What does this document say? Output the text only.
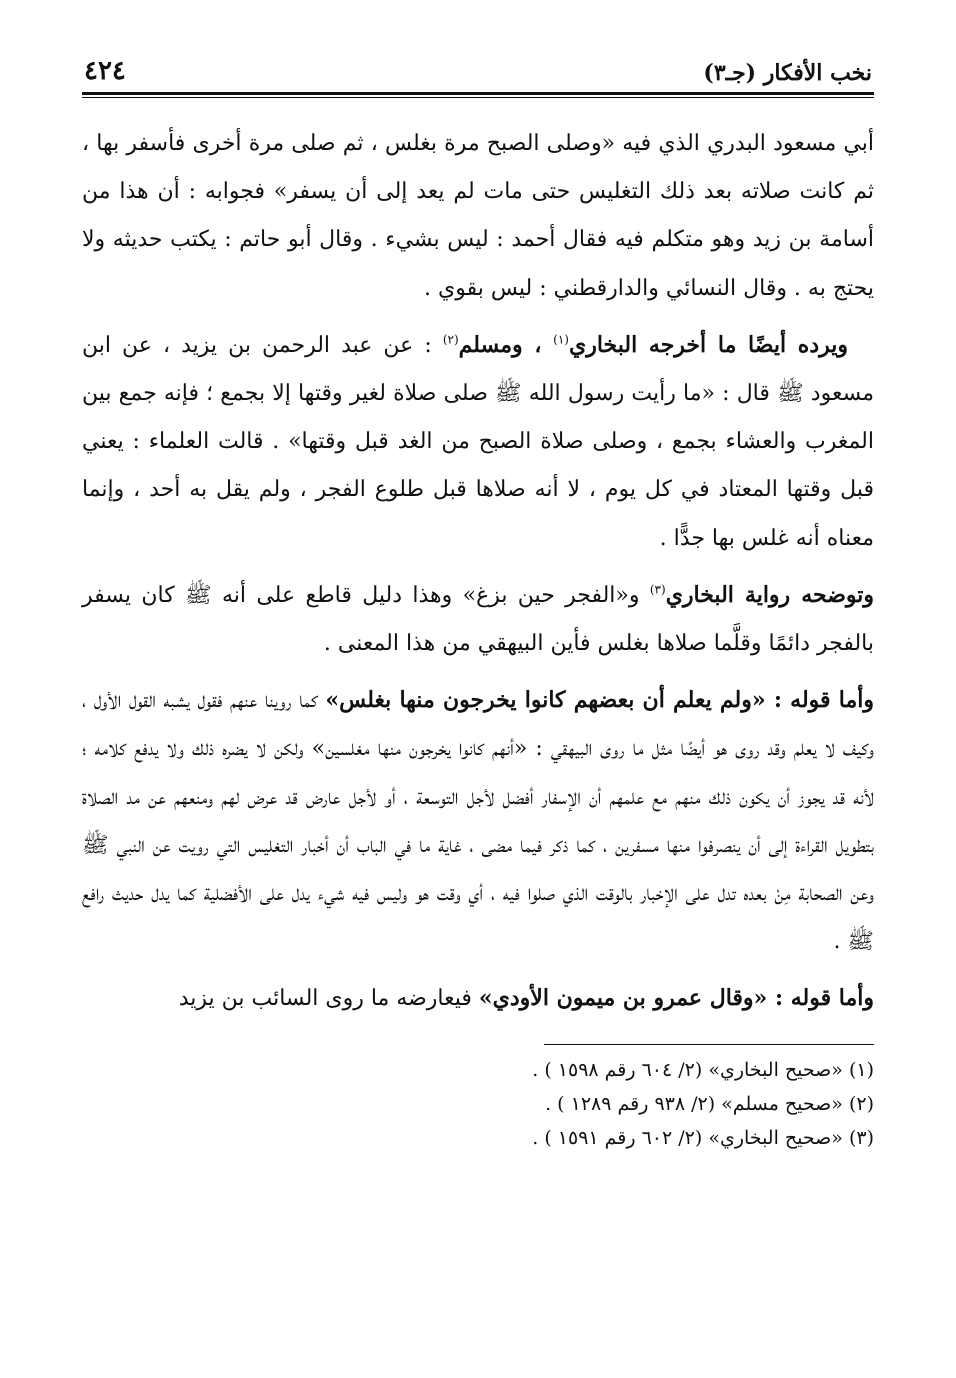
نخب الأفكار (جـ٣)
٤٢٤

أبي مسعود البدري الذي فيه «وصلى الصبح مرة بغلس ، ثم صلى مرة أخرى فأسفر بها ، ثم كانت صلاته بعد ذلك التغليس حتى مات لم يعد إلى أن يسفر» فجوابه : أن هذا من أسامة بن زيد وهو متكلم فيه فقال أحمد : ليس بشيء . وقال أبو حاتم : يكتب حديثه ولا يحتج به . وقال النسائي والدارقطني : ليس بقوي .

ويرده أيضًا ما أخرجه البخاري$^{(١)}$ ، ومسلم$^{(٢)}$ : عن عبد الرحمن بن يزيد ، عن ابن مسعود ﷺ قال : «ما رأيت رسول الله ﷺ صلى صلاة لغير وقتها إلا بجمع ؛ فإنه جمع بين المغرب والعشاء بجمع ، وصلى صلاة الصبح من الغد قبل وقتها» . قالت العلماء : يعني قبل وقتها المعتاد في كل يوم ، لا أنه صلاها قبل طلوع الفجر ، ولم يقل به أحد ، وإنما معناه أنه غلس بها جدًّا .

وتوضحه رواية البخاري$^{(٣)}$ و«الفجر حين بزغ» وهذا دليل قاطع على أنه ﷺ كان يسفر بالفجر دائمًا وقلَّما صلاها بغلس فأين البيهقي من هذا المعنى .

وأما قوله : «ولم يعلم أن بعضهم كانوا يخرجون منها بغلس» كما روينا عنهم فقول يشبه القول الأول ، وكيف لا يعلم وقد روى هو أيضًا مثل ما روى البيهقي : «أنهم كانوا يخرجون منها مغلسين» ولكن لا يضره ذلك ولا يدفع كلامه ؛ لأنه قد يجوز أن يكون ذلك منهم مع علمهم أن الإسفار أفضل لأجل التوسعة ، أو لأجل عارض قد عرض لهم ومنعهم عن مد الصلاة بتطويل القراءة إلى أن ينصرفوا منها مسفرين ، كما ذكر فيما مضى ، غاية ما في الباب أن أخبار التغليس التي رويت عن النبي ﷺ وعن الصحابة مِنْ بعده تدل على الإخبار بالوقت الذي صلوا فيه ، أي وقت هو وليس فيه شيء يدل على الأفضلية كما يدل حديث رافع ﷺ .

وأما قوله : «وقال عمرو بن ميمون الأودي» فيعارضه ما روى السائب بن يزيد

(١)«صحيح البخاري» (٢/ ٦٠٤ رقم ١٥٩٨ ) .

(٢)«صحيح مسلم» (٢/ ٩٣٨ رقم ١٢٨٩ ) .

(٣)«صحيح البخاري» (٢/ ٦٠٢ رقم ١٥٩١ ) .
